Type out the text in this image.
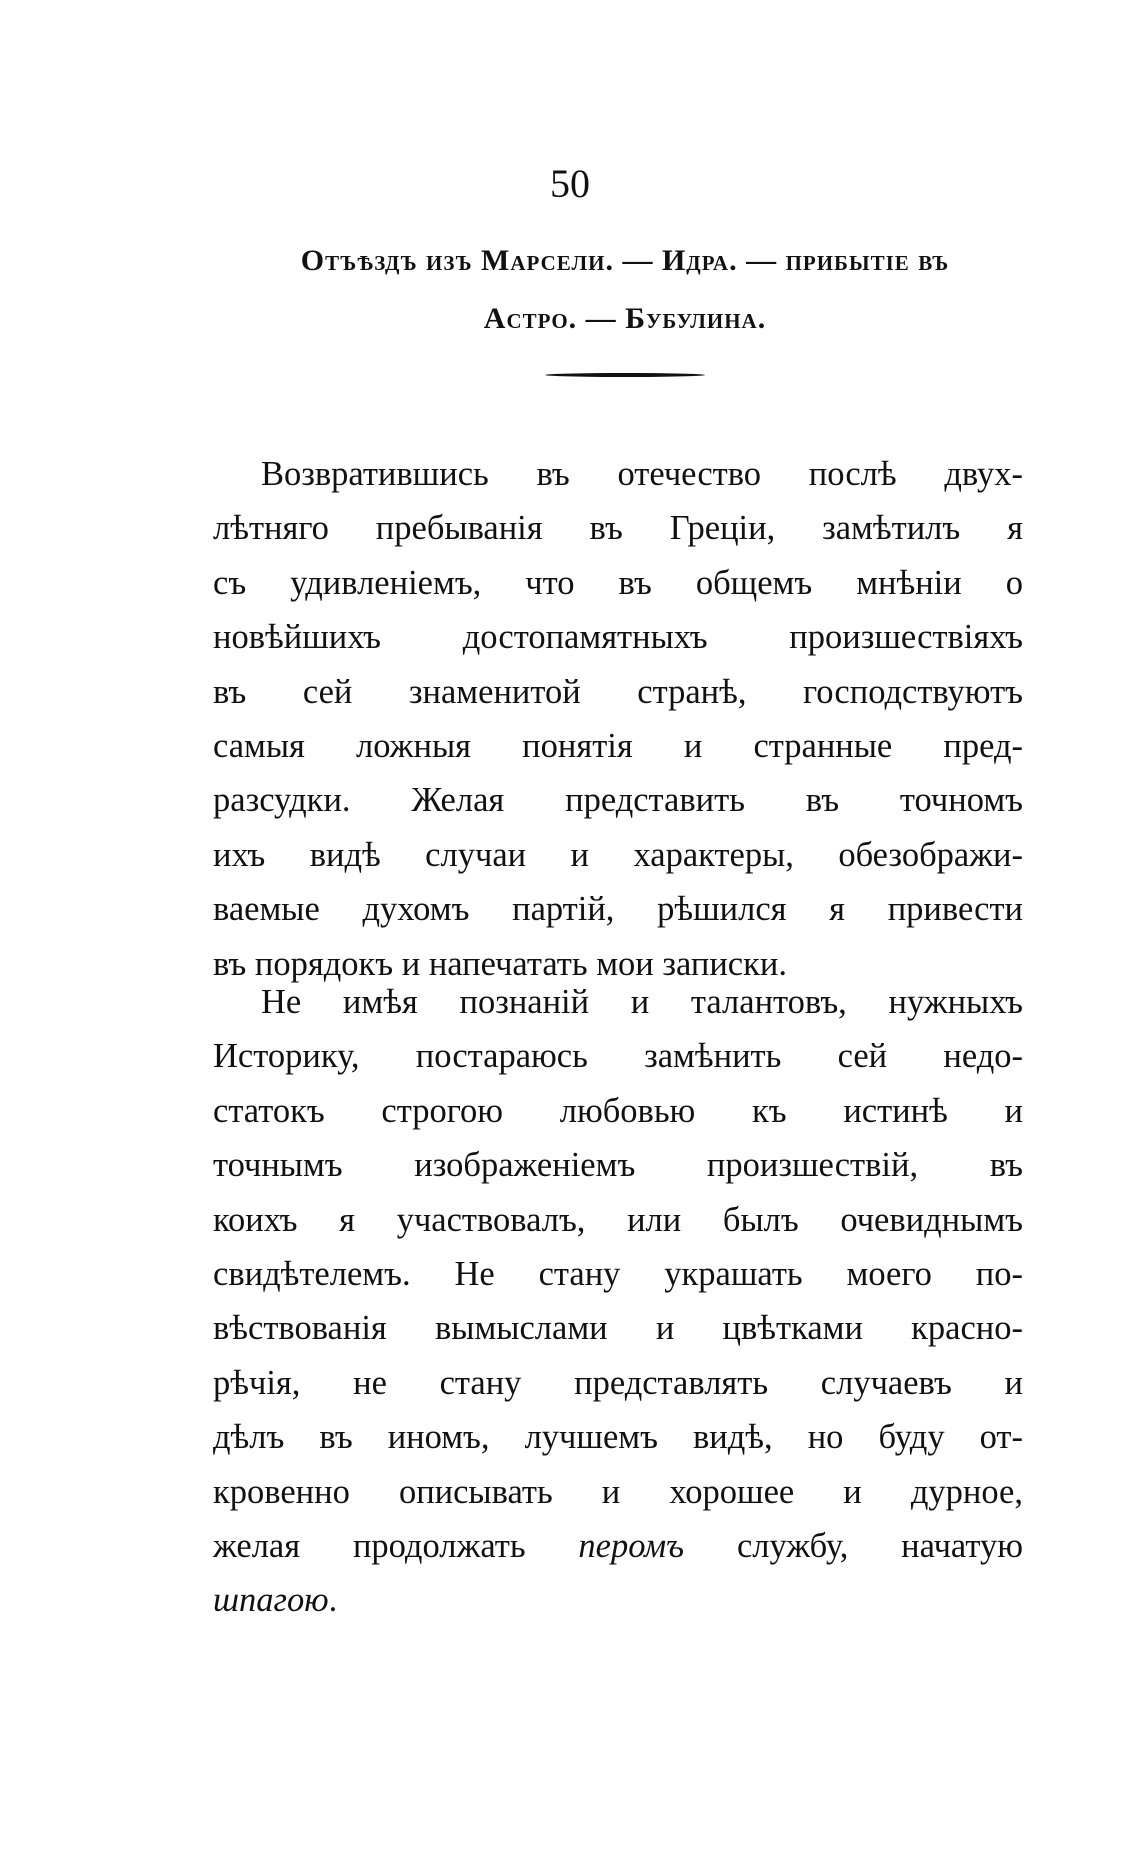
50
Отъѣздъ изъ Марсели. — Идра. — прибытіе въ
Астро. — Бубулина.
Возвратившись въ отечество послѣ двух-
лѣтняго пребыванія въ Греціи, замѣтилъ я
съ удивленіемъ, что въ общемъ мнѣніи о
новѣйшихъ достопамятныхъ произшествіяхъ
въ сей знаменитой странѣ, господствуютъ
самыя ложныя понятія и странные пред-
разсудки. Желая представить въ точномъ
ихъ видѣ случаи и характеры, обезображи-
ваемые духомъ партій, рѣшился я привести
въ порядокъ и напечатать мои записки.
Не имѣя познаній и талантовъ, нужныхъ
Историку, постараюсь замѣнить сей недо-
статокъ строгою любовью къ истинѣ и
точнымъ изображеніемъ произшествій, въ
коихъ я участвовалъ, или былъ очевиднымъ
свидѣтелемъ. Не стану украшать моего по-
вѣствованія вымыслами и цвѣтками красно-
рѣчія, не стану представлять случаевъ и
дѣлъ въ иномъ, лучшемъ видѣ, но буду от-
кровенно описывать и хорошее и дурное,
желая продолжать перомъ службу, начатую
шпагою.
